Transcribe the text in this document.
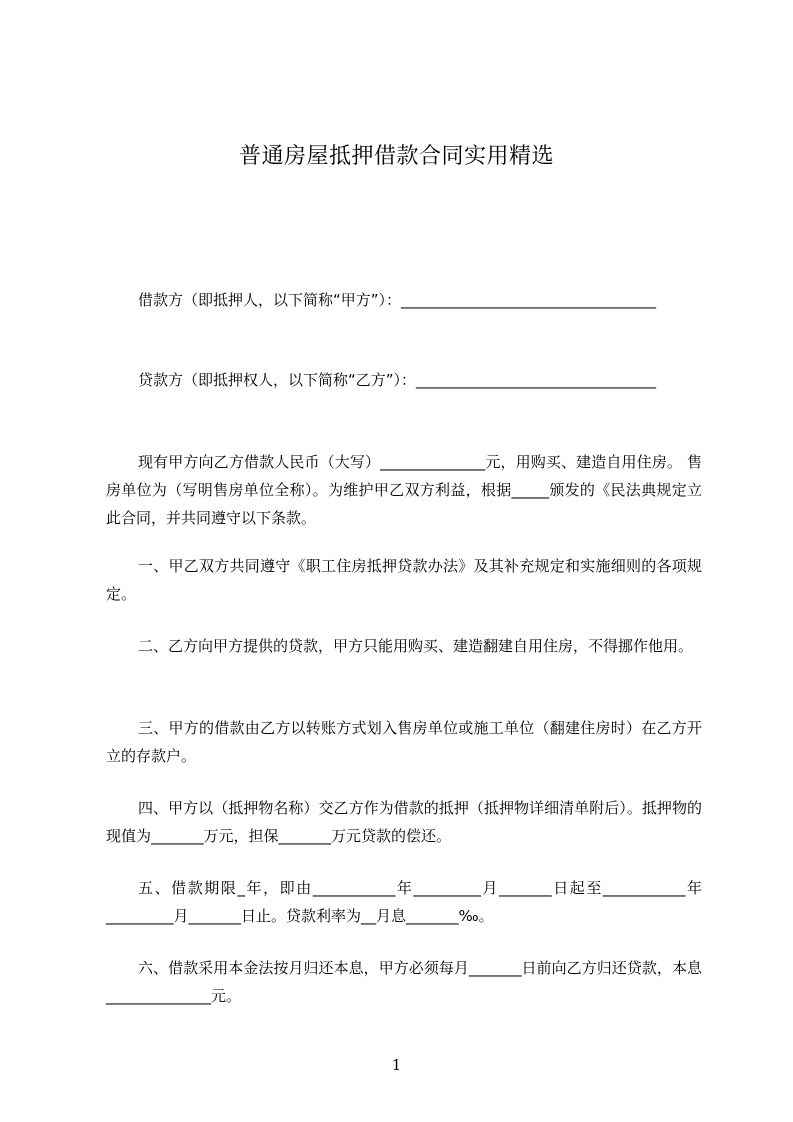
普通房屋抵押借款合同实用精选
借款方（即抵押人，以下简称“甲方”）：__________________________________
贷款方（即抵押权人，以下简称“乙方”）：________________________________
现有甲方向乙方借款人民币（大写）______________元，用购买、建造自用住房。 售房单位为（写明售房单位全称）。为维护甲乙双方利益，根据_____颁发的《民法典规定立此合同，并共同遵守以下条款。
一、甲乙双方共同遵守《职工住房抵押贷款办法》及其补充规定和实施细则的各项规定。
二、乙方向甲方提供的贷款，甲方只能用购买、建造翻建自用住房，不得挪作他用。
三、甲方的借款由乙方以转账方式划入售房单位或施工单位（翻建住房时）在乙方开立的存款户。
四、甲方以（抵押物名称）交乙方作为借款的抵押（抵押物详细清单附后）。抵押物的现值为_______万元，担保_______万元贷款的偿还。
五、借款期限_年，即由___________年_________月_______日起至___________年_________月_______日止。贷款利率为__月息_______‰。
六、借款采用本金法按月归还本息，甲方必须每月_______日前向乙方归还贷款，本息______________元。
1
